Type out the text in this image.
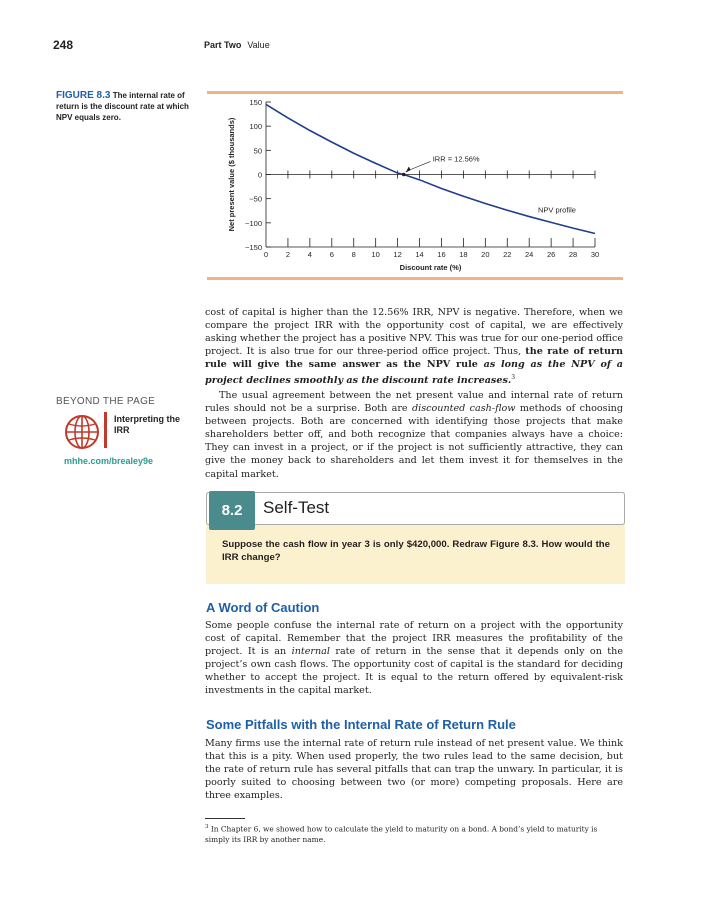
248	Part Two Value
FIGURE 8.3 The internal rate of return is the discount rate at which NPV equals zero.
150
100
50
0
−50
−100
−150
0 2 4 6 8 10 12 14 16 18 20 22 24 26 28 30
Discount rate (%)
Net present value ($ thousands)	IRR = 12.56%
NPV profile
cost of capital is higher than the 12.56% IRR, NPV is negative. Therefore, when we compare the project IRR with the opportunity cost of capital, we are effectively asking whether the project has a positive NPV. This was true for our one-period office project. It is also true for our three-period office project. Thus, the rate of return rule will give the same answer as the NPV rule as long as the NPV of a project declines smoothly as the discount rate increases.$^3$
BEYOND THE PAGE
Interpreting the
IRR
mhhe.com/brealey9e
The usual agreement between the net present value and internal rate of return rules should not be a surprise. Both are discounted cash-flow methods of choosing between projects. Both are concerned with identifying those projects that make shareholders better off, and both recognize that companies always have a choice: They can invest in a project, or if the project is not sufficiently attractive, they can give the money back to shareholders and let them invest it for themselves in the capital market.
8.2	Self-Test
Suppose the cash flow in year 3 is only $420,000. Redraw Figure 8.3. How would the IRR change?
A Word of Caution
Some people confuse the internal rate of return on a project with the opportunity cost of capital. Remember that the project IRR measures the profitability of the project. It is an internal rate of return in the sense that it depends only on the project’s own cash flows. The opportunity cost of capital is the standard for deciding whether to accept the project. It is equal to the return offered by equivalent-risk investments in the capital market.
Some Pitfalls with the Internal Rate of Return Rule
Many firms use the internal rate of return rule instead of net present value. We think that this is a pity. When used properly, the two rules lead to the same decision, but the rate of return rule has several pitfalls that can trap the unwary. In particular, it is poorly suited to choosing between two (or more) competing proposals. Here are three examples.
$^3$ In Chapter 6, we showed how to calculate the yield to maturity on a bond. A bond’s yield to maturity is simply its IRR by another name.
